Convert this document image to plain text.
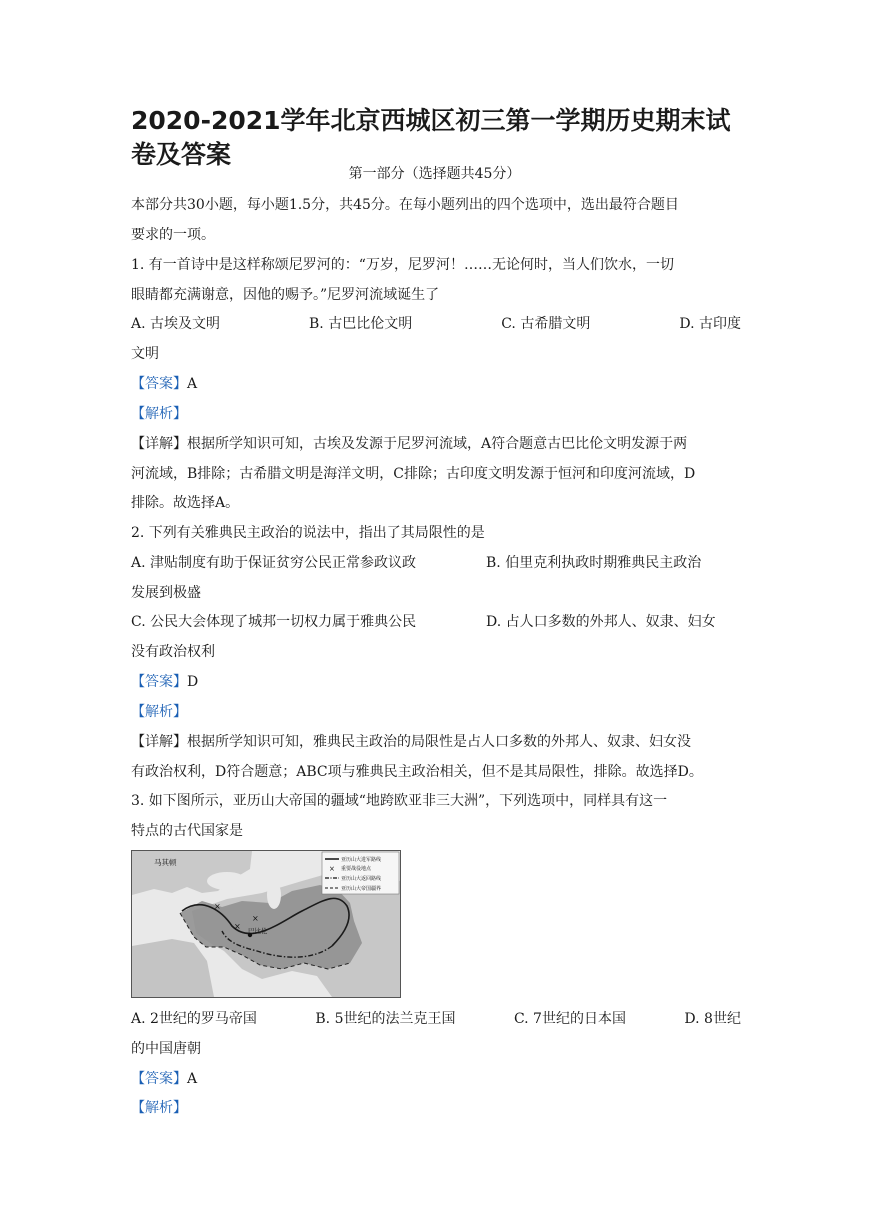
2020-2021学年北京西城区初三第一学期历史期末试卷及答案
第一部分（选择题共45分）
本部分共30小题，每小题1.5分，共45分。在每小题列出的四个选项中，选出最符合题目
要求的一项。
1. 有一首诗中是这样称颂尼罗河的：“万岁，尼罗河！……无论何时，当人们饮水，一切
眼睛都充满谢意，因他的赐予。”尼罗河流域诞生了
A. 古埃及文明	B. 古巴比伦文明	C. 古希腊文明	D. 古印度
文明
【答案】A
【解析】
【详解】根据所学知识可知，古埃及发源于尼罗河流域，A符合题意古巴比伦文明发源于两
河流域，B排除；古希腊文明是海洋文明，C排除；古印度文明发源于恒河和印度河流域，D
排除。故选择A。
2. 下列有关雅典民主政治的说法中，指出了其局限性的是
A. 津贴制度有助于保证贫穷公民正常参政议政	B. 伯里克利执政时期雅典民主政治
发展到极盛
C. 公民大会体现了城邦一切权力属于雅典公民	D. 占人口多数的外邦人、奴隶、妇女
没有政治权利
【答案】D
【解析】
【详解】根据所学知识可知，雅典民主政治的局限性是占人口多数的外邦人、奴隶、妇女没
有政治权利，D符合题意；ABC项与雅典民主政治相关，但不是其局限性，排除。故选择D。
3. 如下图所示，亚历山大帝国的疆域“地跨欧亚非三大洲”，下列选项中，同样具有这一
特点的古代国家是
×
×
×
马其顿
巴比伦
亚历山大进军路线
× 重要战役地点
亚历山大返回路线
亚历山大帝国疆界
A. 2世纪的罗马帝国	B. 5世纪的法兰克王国	C. 7世纪的日本国	D. 8世纪
的中国唐朝
【答案】A
【解析】
